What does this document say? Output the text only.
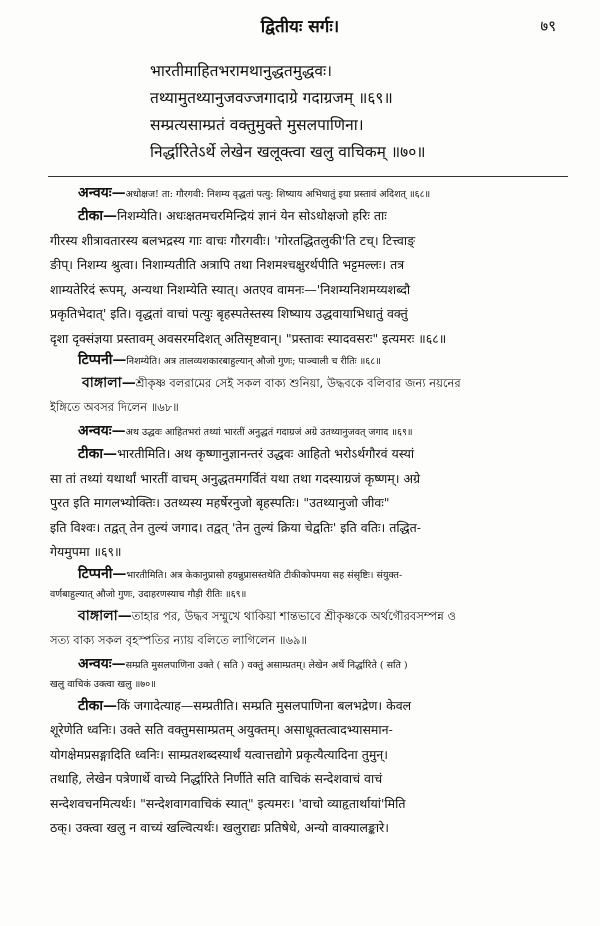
द्वितीयः सर्गः।	७९
भारतीमाहितभरामथानुद्धतमुद्धवः।
तथ्यामुतथ्यानुजवज्जगादाग्रे गदाग्रजम् ॥६९॥
सम्प्रत्यसाम्प्रतं वक्तुमुक्ते मुसलपाणिना।
निर्द्धारितेऽर्थे लेखेन खलूक्त्वा खलु वाचिकम् ॥७०॥
अन्वयः—अधोक्षज! ता: गौरगवी: निशम्य वृद्धतां पत्यु: शिष्याय अभिधातुं इया प्रस्तावं अदिशत् ॥६८॥
टीका—निशम्येति। अधःक्षतमचरमिन्द्रियं ज्ञानं येन सोऽधोक्षजो हरिः ताः
गीरस्य शीत्रावतारस्य बलभद्रस्य गाः वाचः गौरगवीः। 'गोरतद्धितलुकी'ति टच्। टित्त्वाङ्
ङीप्। निशम्य श्रुत्वा। निशाम्यतीति अत्रापि तथा निशमश्चक्षुरर्थपीति भट्टमल्लः। तत्र
शाम्यतेरिदं रूपम्, अन्यथा निशम्येति स्यात्। अतएव वामनः—'निशम्यनिशमय्यशब्दौ
प्रकृतिभेदात्' इति। वृद्धतां वाचां पत्युः बृहस्पतेस्तस्य शिष्याय उद्धवायाभिधातुं वक्तुं
दृशा दृक्संज्ञया प्रस्तावम् अवसरमदिशत् अतिसृष्टवान्। "प्रस्तावः स्यादवसरः" इत्यमरः ॥६८॥
टिप्पनी—निशम्येति। अत्र तालव्यशकारबाहुल्यान् औजो गुणः; पाञ्चाली च रीतिः ॥६८॥
বাঙ্গালা—শ্রীকৃষ্ণ বলরামের সেই সকল বাক্য শুনিয়া, উদ্ধবকে বলিবার জন্য নয়নের
ইঙ্গিতে অবসর দিলেন ॥৬৮॥
अन्वयः—अथ उद्धवः आहितभरां तथ्यां भारतीं अनुद्धतं गदाग्रजं अग्रे उतथ्यानुजवत् जगाद ॥६९॥
टीका—भारतीमिति। अथ कृष्णानुज्ञानन्तरं उद्धवः आहितो भरोऽर्थगौरवं यस्यां
सा तां तथ्यां यथार्थां भारतीं वाचम् अनुद्धतमगर्वितं यथा तथा गदस्याग्रजं कृष्णम्। अग्रे
पुरत इति मागलभ्योक्तिः। उतथ्यस्य महर्षेरनुजो बृहस्पतिः। "उतथ्यानुजो जीवः"
इति विश्वः। तद्वत् तेन तुल्यं जगाद। तद्वत् 'तेन तुल्यं क्रिया चेद्वतिः' इति वतिः। तद्धित-
गेयमुपमा ॥६९॥
टिप्पनी—भारतीमिति। अत्र केकानुप्रासो हयन्नुप्रासस्तथेति टीकीकोपमया सह संसृष्टिः। संयुक्त-
वर्णबाहुल्यात् औजो गुणः, उदाहरणस्याच गौड़ी रीतिः ॥६९॥
বাঙ্গালা—তাহার পর, উদ্ধব সম্মুখে থাকিয়া শান্তভাবে শ্রীকৃষ্ণকে অর্থগৌরবসম্পন্ন ও
সত্য বাক্য সকল বৃহস্পতির ন্যায় বলিতে লাগিলেন ॥৬৯॥
अन्वयः—सम्प्रति मुसलपाणिना उक्ते ( सति ) वक्तुं असाम्प्रतम्। लेखेन अर्थे निर्द्धारिते ( सति )
खलु वाचिकं उक्त्वा खलु ॥७०॥
टीका—किं जगादेत्याह—सम्प्रतीति। सम्प्रति मुसलपाणिना बलभद्रेण। केवल
शूरेणेति ध्वनिः। उक्ते सति वक्तुमसाम्प्रतम् अयुक्तम्। असाधूक्तत्वादभ्यासमान-
योगक्षेमप्रसङ्गादिति ध्वनिः। साम्प्रतशब्दस्यार्थं यत्वात्तद्योगे प्रकृत्यैत्यादिना तुमुन्।
तथाहि, लेखेन पत्रेणार्थे वाच्ये निर्द्धारिते निर्णीते सति वाचिकं सन्देशवाचं वाचं
सन्देशवचनमित्यर्थः। "सन्देशवागवाचिकं स्यात्" इत्यमरः। 'वाचो व्याहृतार्थायां'मिति
ठक्। उक्त्वा खलु न वाच्यं खल्वित्यर्थः। खलुराद्यः प्रतिषेधे, अन्यो वाक्यालङ्कारे।
